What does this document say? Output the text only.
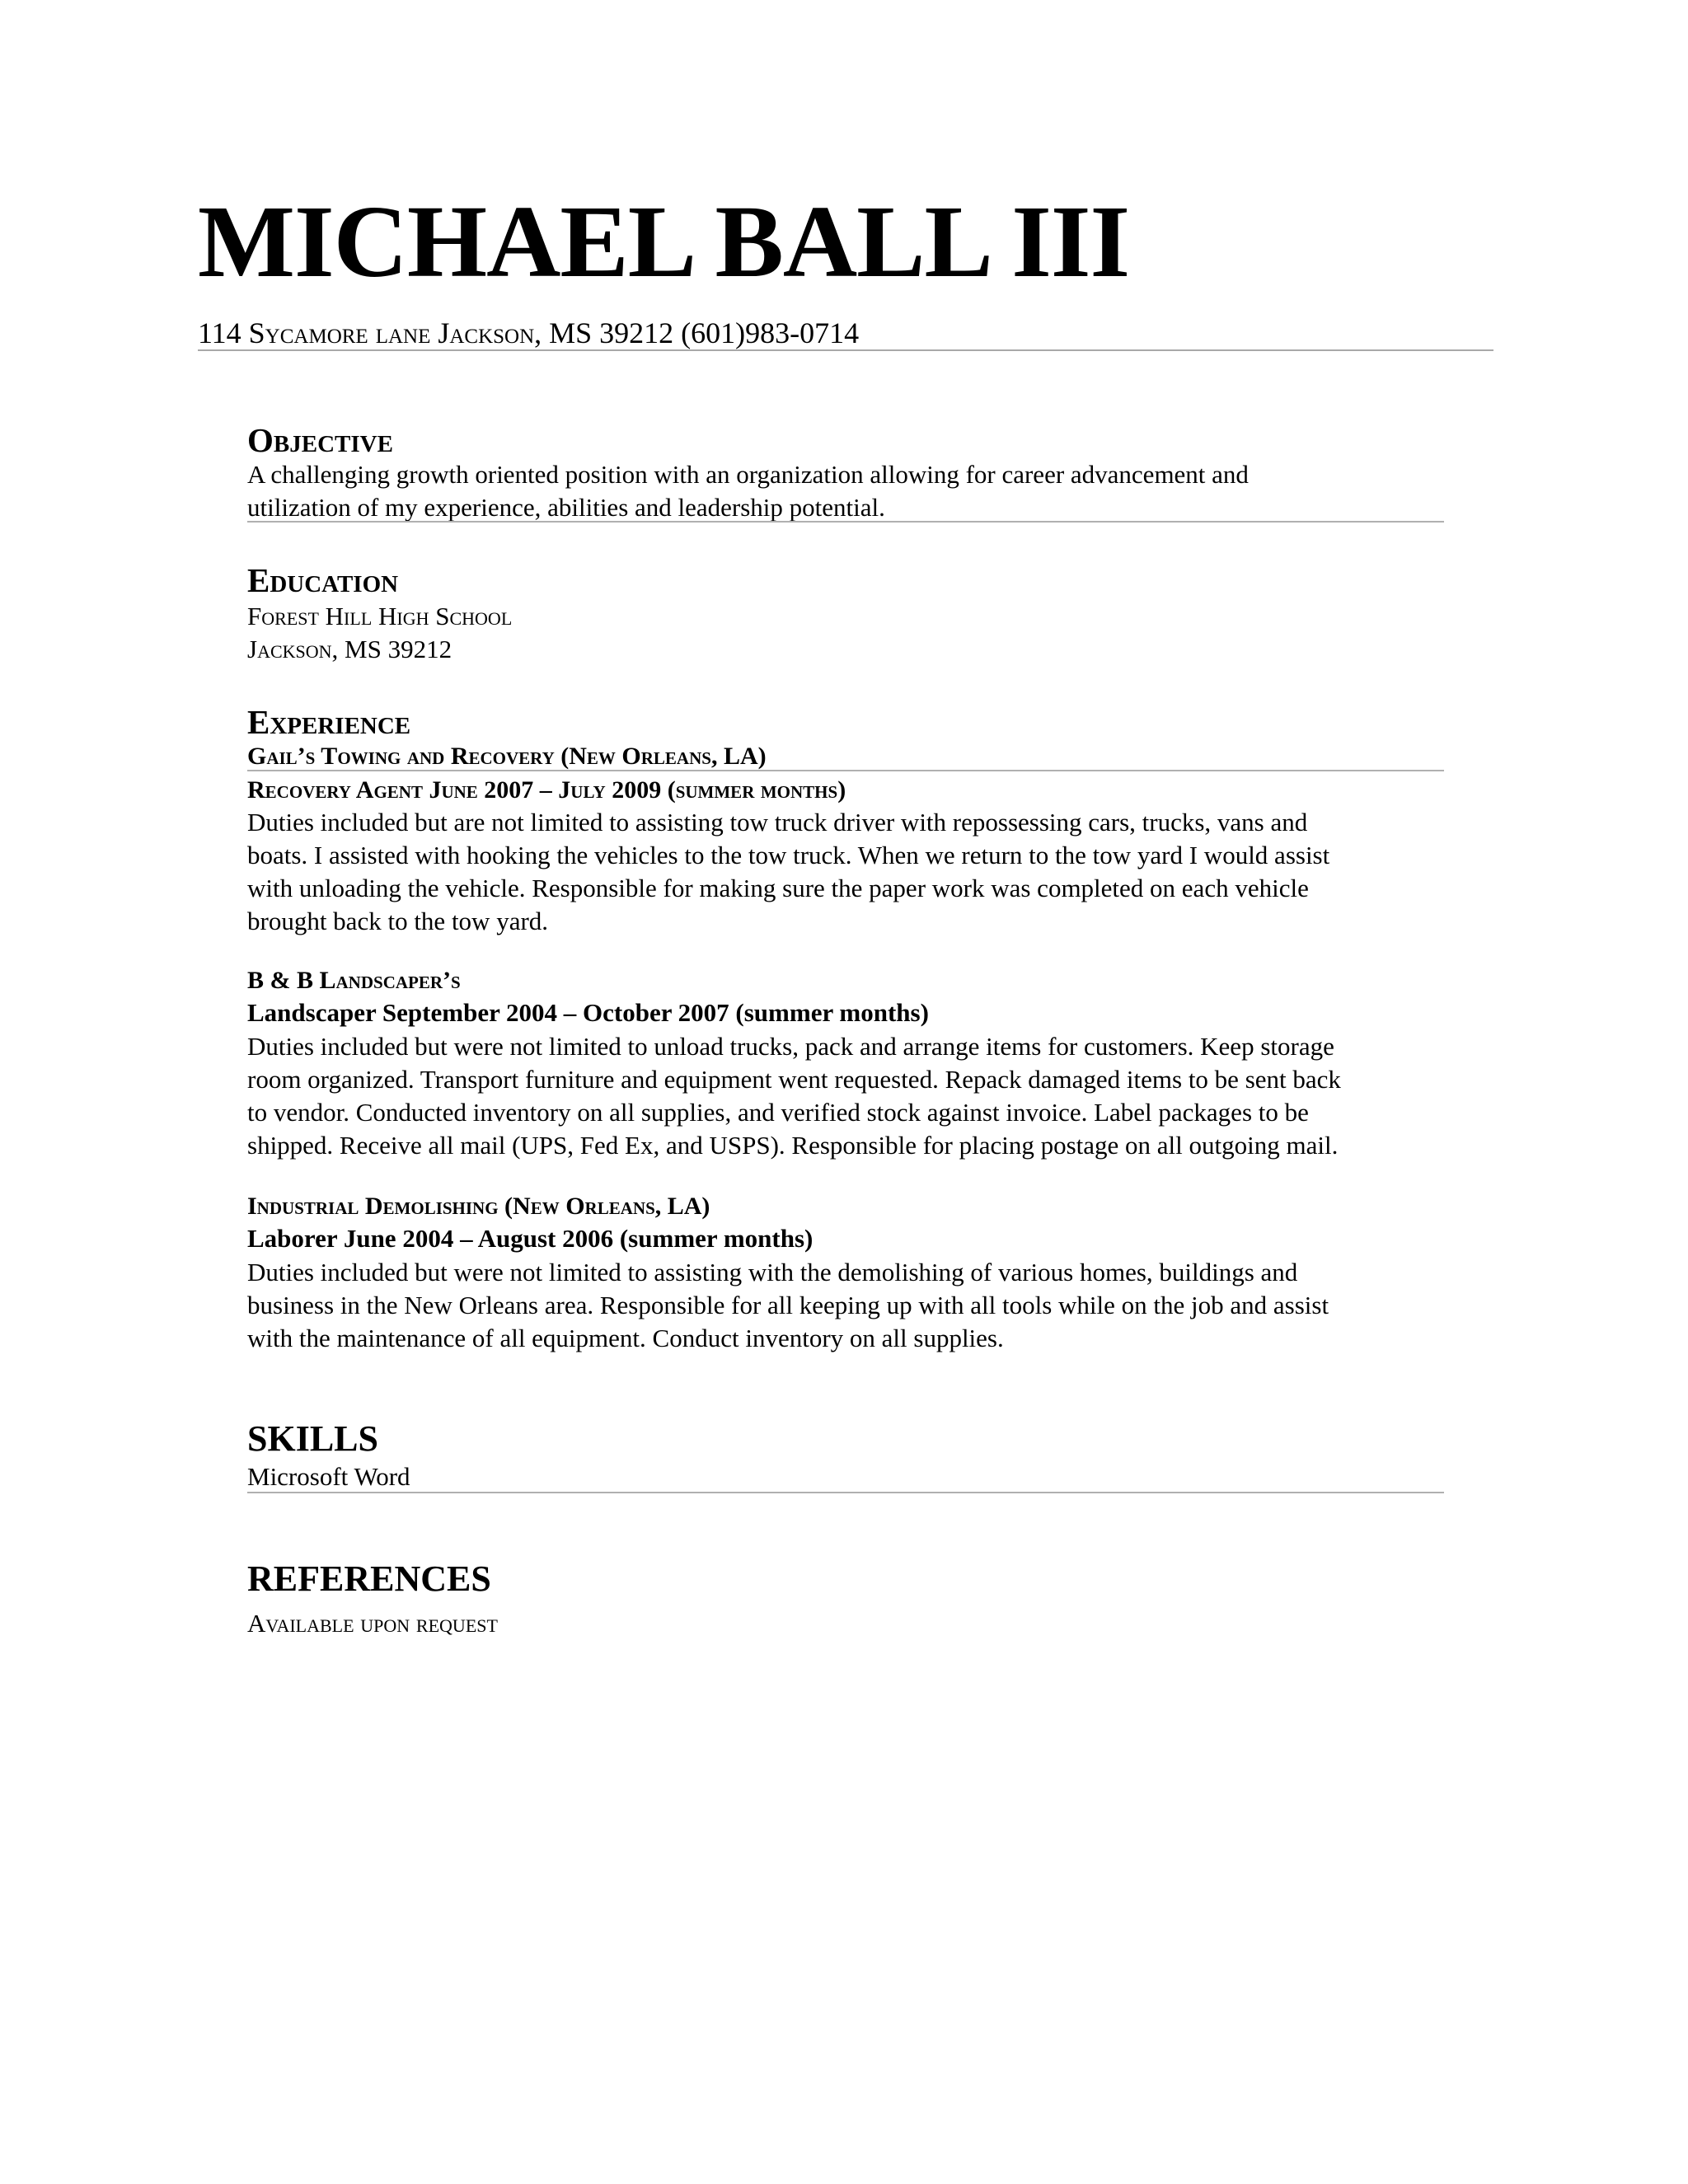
MICHAEL BALL III
114 Sycamore lane Jackson, MS 39212 (601)983-0714
Objective
A challenging growth oriented position with an organization allowing for career advancement and
utilization of my experience, abilities and leadership potential.
Education
Forest Hill High School
Jackson, MS 39212
Experience
Gail’s Towing and Recovery (New Orleans, LA)
Recovery Agent June 2007 – July 2009 (summer months)
Duties included but are not limited to assisting tow truck driver with repossessing cars, trucks, vans and
boats. I assisted with hooking the vehicles to the tow truck. When we return to the tow yard I would assist
with unloading the vehicle. Responsible for making sure the paper work was completed on each vehicle
brought back to the tow yard.
B & B Landscaper’s
Landscaper September 2004 – October 2007 (summer months)
Duties included but were not limited to unload trucks, pack and arrange items for customers. Keep storage
room organized. Transport furniture and equipment went requested. Repack damaged items to be sent back
to vendor. Conducted inventory on all supplies, and verified stock against invoice. Label packages to be
shipped. Receive all mail (UPS, Fed Ex, and USPS). Responsible for placing postage on all outgoing mail.
Industrial Demolishing (New Orleans, LA)
Laborer June 2004 – August 2006 (summer months)
Duties included but were not limited to assisting with the demolishing of various homes, buildings and
business in the New Orleans area. Responsible for all keeping up with all tools while on the job and assist
with the maintenance of all equipment. Conduct inventory on all supplies.
SKILLS
Microsoft Word
REFERENCES
Available upon request
